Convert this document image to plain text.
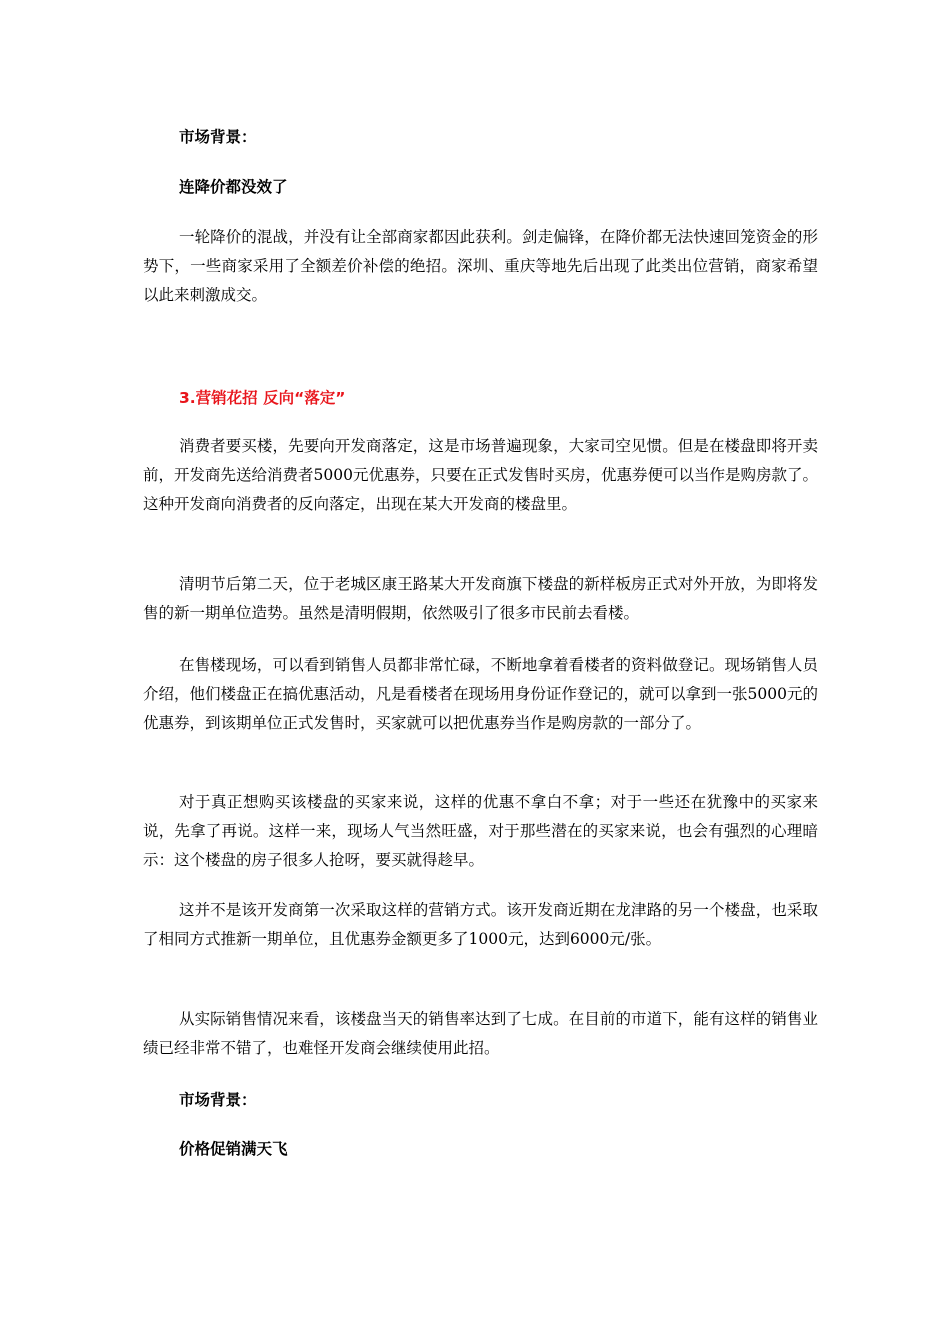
市场背景：
连降价都没效了

一轮降价的混战，并没有让全部商家都因此获利。剑走偏锋，在降价都无法快速回笼资金的形势下，一些商家采用了全额差价补偿的绝招。深圳、重庆等地先后出现了此类出位营销，商家希望以此来刺激成交。

3.营销花招 反向“落定”

消费者要买楼，先要向开发商落定，这是市场普遍现象，大家司空见惯。但是在楼盘即将开卖前，开发商先送给消费者5000元优惠券，只要在正式发售时买房，优惠券便可以当作是购房款了。这种开发商向消费者的反向落定，出现在某大开发商的楼盘里。

清明节后第二天，位于老城区康王路某大开发商旗下楼盘的新样板房正式对外开放，为即将发售的新一期单位造势。虽然是清明假期，依然吸引了很多市民前去看楼。

在售楼现场，可以看到销售人员都非常忙碌，不断地拿着看楼者的资料做登记。现场销售人员介绍，他们楼盘正在搞优惠活动，凡是看楼者在现场用身份证作登记的，就可以拿到一张5000元的优惠券，到该期单位正式发售时，买家就可以把优惠券当作是购房款的一部分了。

对于真正想购买该楼盘的买家来说，这样的优惠不拿白不拿；对于一些还在犹豫中的买家来说，先拿了再说。这样一来，现场人气当然旺盛，对于那些潜在的买家来说，也会有强烈的心理暗示：这个楼盘的房子很多人抢呀，要买就得趁早。

这并不是该开发商第一次采取这样的营销方式。该开发商近期在龙津路的另一个楼盘，也采取了相同方式推新一期单位，且优惠券金额更多了1000元，达到6000元/张。

从实际销售情况来看，该楼盘当天的销售率达到了七成。在目前的市道下，能有这样的销售业绩已经非常不错了，也难怪开发商会继续使用此招。

市场背景：
价格促销满天飞
